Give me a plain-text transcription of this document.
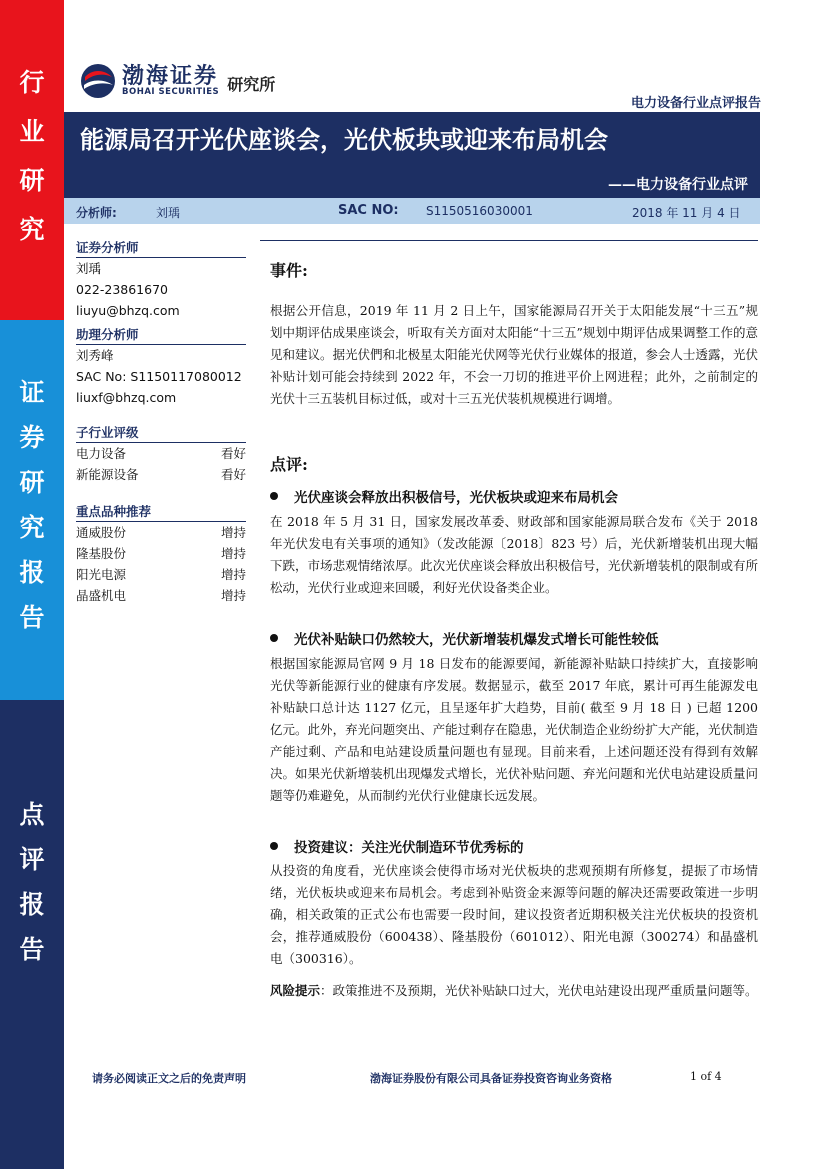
行
业
研
究
证
券
研
究
报
告
点
评
报
告
渤海证券
BOHAI SECURITIES 研究所
电力设备行业点评报告
能源局召开光伏座谈会，光伏板块或迎来布局机会
——电力设备行业点评
分析师:	刘瑀	SAC NO: S1150516030001	2018 年 11 月 4 日
证券分析师
刘瑀
022-23861670
liuyu@bhzq.com
助理分析师
刘秀峰
SAC No: S1150117080012
liuxf@bhzq.com
子行业评级
电力设备	看好
新能源设备	看好
重点品种推荐
通威股份	增持
隆基股份	增持
阳光电源	增持
晶盛机电	增持
事件:
根据公开信息，2019 年 11 月 2 日上午，国家能源局召开关于太阳能发展“十三五”规划中期评估成果座谈会，听取有关方面对太阳能“十三五”规划中期评估成果调整工作的意见和建议。据光伏們和北极星太阳能光伏网等光伏行业媒体的报道，参会人士透露，光伏补贴计划可能会持续到 2022 年，不会一刀切的推进平价上网进程；此外，之前制定的光伏十三五装机目标过低，或对十三五光伏装机规模进行调增。
点评:
光伏座谈会释放出积极信号，光伏板块或迎来布局机会
在 2018 年 5 月 31 日，国家发展改革委、财政部和国家能源局联合发布《关于 2018 年光伏发电有关事项的通知》（发改能源〔2018〕823 号）后，光伏新增装机出现大幅下跌，市场悲观情绪浓厚。此次光伏座谈会释放出积极信号，光伏新增装机的限制或有所松动，光伏行业或迎来回暖，利好光伏设备类企业。
光伏补贴缺口仍然较大，光伏新增装机爆发式增长可能性较低
根据国家能源局官网 9 月 18 日发布的能源要闻，新能源补贴缺口持续扩大，直接影响光伏等新能源行业的健康有序发展。数据显示，截至 2017 年底，累计可再生能源发电补贴缺口总计达 1127 亿元，且呈逐年扩大趋势，目前( 截至 9 月 18 日 ) 已超 1200 亿元。此外，弃光问题突出、产能过剩存在隐患，光伏制造企业纷纷扩大产能，光伏制造产能过剩、产品和电站建设质量问题也有显现。目前来看，上述问题还没有得到有效解决。如果光伏新增装机出现爆发式增长，光伏补贴问题、弃光问题和光伏电站建设质量问题等仍难避免，从而制约光伏行业健康长远发展。
投资建议：关注光伏制造环节优秀标的
从投资的角度看，光伏座谈会使得市场对光伏板块的悲观预期有所修复，提振了市场情绪，光伏板块或迎来布局机会。考虑到补贴资金来源等问题的解决还需要政策进一步明确，相关政策的正式公布也需要一段时间，建议投资者近期积极关注光伏板块的投资机会，推荐通威股份（600438）、隆基股份（601012）、阳光电源（300274）和晶盛机电（300316）。
风险提示：政策推进不及预期，光伏补贴缺口过大，光伏电站建设出现严重质量问题等。
请务必阅读正文之后的免责声明	渤海证券股份有限公司具备证券投资咨询业务资格	1 of 4
